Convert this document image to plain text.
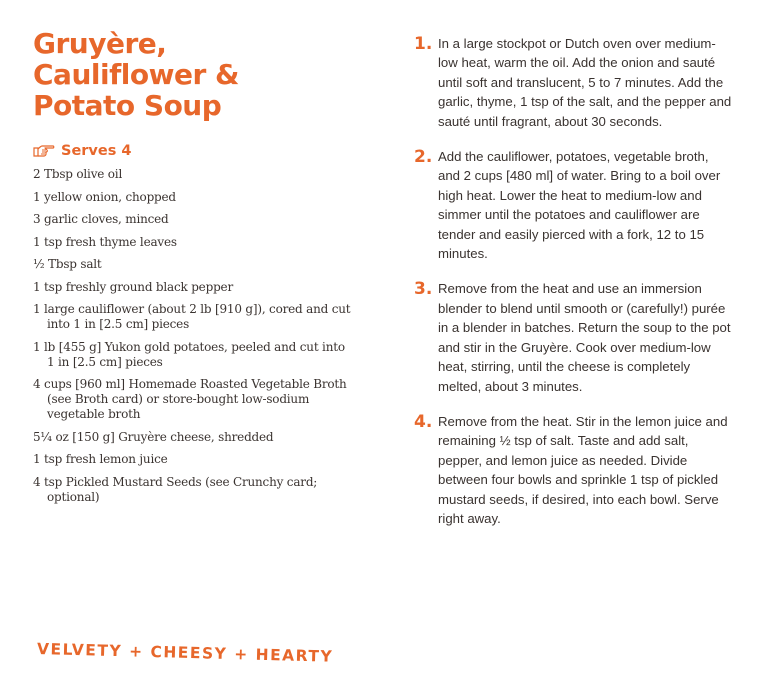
Gruyère,
Cauliflower &
Potato Soup
Serves 4
2 Tbsp olive oil
1 yellow onion, chopped
3 garlic cloves, minced
1 tsp fresh thyme leaves
½ Tbsp salt
1 tsp freshly ground black pepper
1 large cauliflower (about 2 lb [910 g]), cored and cut into 1 in [2.5 cm] pieces
1 lb [455 g] Yukon gold potatoes, peeled and cut into 1 in [2.5 cm] pieces
4 cups [960 ml] Homemade Roasted Vegetable Broth (see Broth card) or store-bought low-sodium vegetable broth
5¼ oz [150 g] Gruyère cheese, shredded
1 tsp fresh lemon juice
4 tsp Pickled Mustard Seeds (see Crunchy card; optional)
1. In a large stockpot or Dutch oven over medium-low heat, warm the oil. Add the onion and sauté until soft and translucent, 5 to 7 minutes. Add the garlic, thyme, 1 tsp of the salt, and the pepper and sauté until fragrant, about 30 seconds.
2. Add the cauliflower, potatoes, vegetable broth, and 2 cups [480 ml] of water. Bring to a boil over high heat. Lower the heat to medium-low and simmer until the potatoes and cauliflower are tender and easily pierced with a fork, 12 to 15 minutes.
3. Remove from the heat and use an immersion blender to blend until smooth or (carefully!) purée in a blender in batches. Return the soup to the pot and stir in the Gruyère. Cook over medium-low heat, stirring, until the cheese is completely melted, about 3 minutes.
4. Remove from the heat. Stir in the lemon juice and remaining ½ tsp of salt. Taste and add salt, pepper, and lemon juice as needed. Divide between four bowls and sprinkle 1 tsp of pickled mustard seeds, if desired, into each bowl. Serve right away.
VELVETY + CHEESY + HEARTY
